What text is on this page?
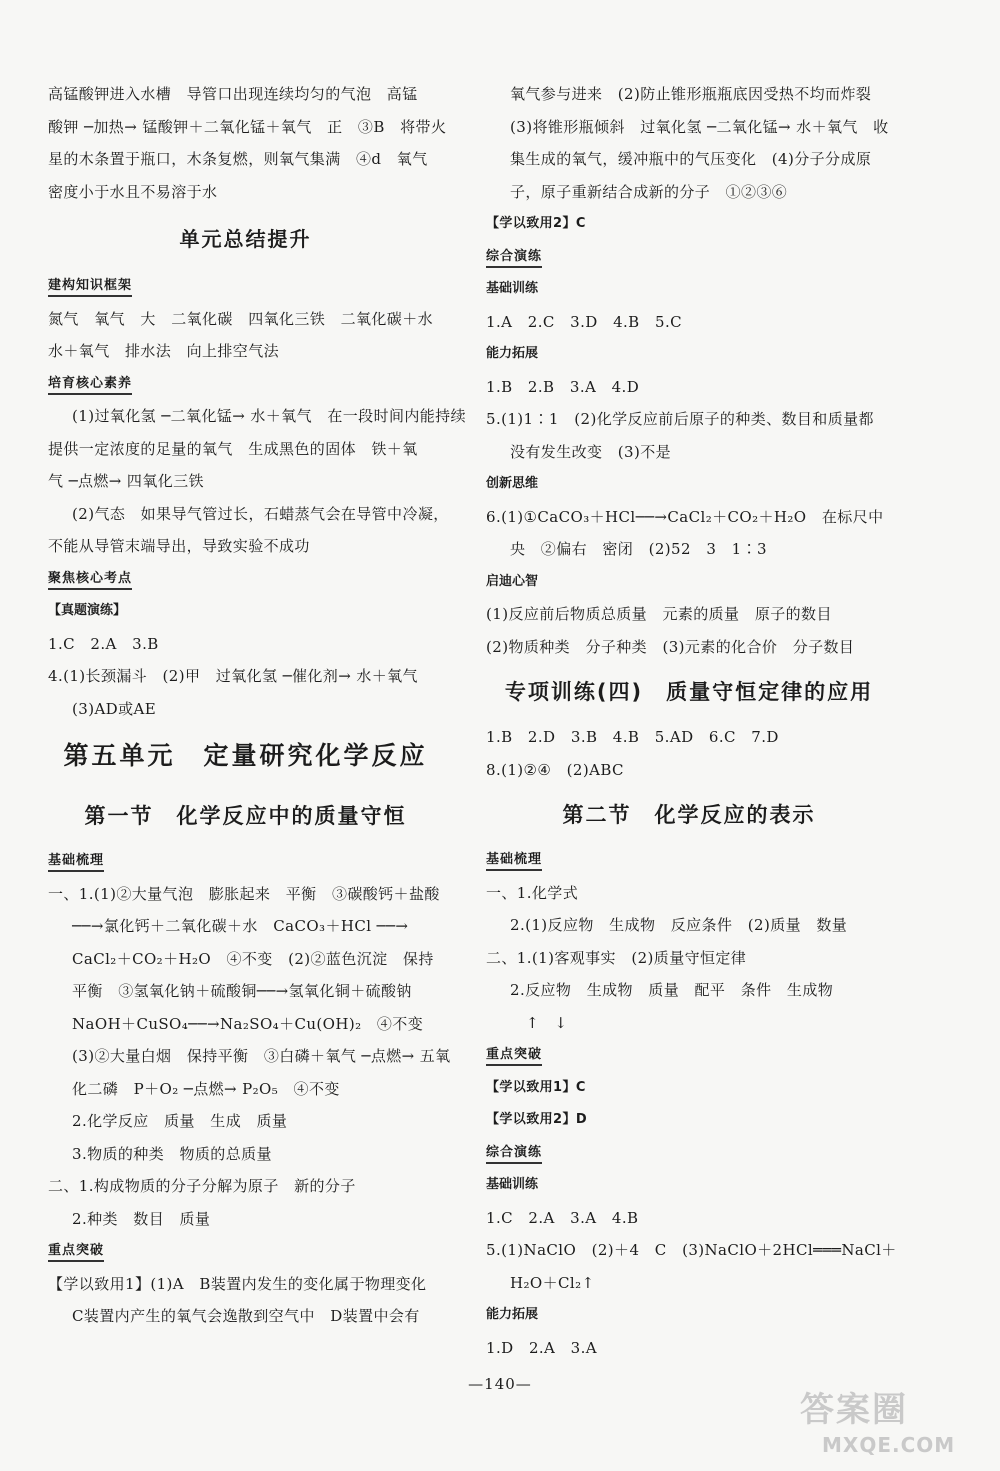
高锰酸钾进入水槽　导管口出现连续均匀的气泡　高锰
酸钾 ─加热→ 锰酸钾＋二氧化锰＋氧气　正　③B　将带火
星的木条置于瓶口，木条复燃，则氧气集满　④d　氧气
密度小于水且不易溶于水
单元总结提升
建构知识框架
氮气　氧气　大　二氧化碳　四氧化三铁　二氧化碳＋水
水＋氧气　排水法　向上排空气法
培育核心素养
(1)过氧化氢 ─二氧化锰→ 水＋氧气　在一段时间内能持续
提供一定浓度的足量的氧气　生成黑色的固体　铁＋氧
气 ─点燃→ 四氧化三铁
(2)气态　如果导气管过长，石蜡蒸气会在导管中冷凝，
不能从导管末端导出，导致实验不成功
聚焦核心考点
【真题演练】
1.C　2.A　3.B
4.(1)长颈漏斗　(2)甲　过氧化氢 ─催化剂→ 水＋氧气
(3)AD或AE
第五单元　定量研究化学反应
第一节　化学反应中的质量守恒
基础梳理
一、1.(1)②大量气泡　膨胀起来　平衡　③碳酸钙＋盐酸
──→氯化钙＋二氧化碳＋水　CaCO₃＋HCl ──→
CaCl₂＋CO₂＋H₂O　④不变　(2)②蓝色沉淀　保持
平衡　③氢氧化钠＋硫酸铜──→氢氧化铜＋硫酸钠
NaOH＋CuSO₄──→Na₂SO₄＋Cu(OH)₂　④不变
(3)②大量白烟　保持平衡　③白磷＋氧气 ─点燃→ 五氧
化二磷　P＋O₂ ─点燃→ P₂O₅　④不变
2.化学反应　质量　生成　质量
3.物质的种类　物质的总质量
二、1.构成物质的分子分解为原子　新的分子
2.种类　数目　质量
重点突破
【学以致用1】(1)A　B装置内发生的变化属于物理变化
C装置内产生的氧气会逸散到空气中　D装置中会有
氧气参与进来　(2)防止锥形瓶瓶底因受热不均而炸裂
(3)将锥形瓶倾斜　过氧化氢 ─二氧化锰→ 水＋氧气　收
集生成的氧气，缓冲瓶中的气压变化　(4)分子分成原
子，原子重新结合成新的分子　①②③⑥
【学以致用2】C
综合演练
基础训练
1.A　2.C　3.D　4.B　5.C
能力拓展
1.B　2.B　3.A　4.D
5.(1)1∶1　(2)化学反应前后原子的种类、数目和质量都
没有发生改变　(3)不是
创新思维
6.(1)①CaCO₃＋HCl──→CaCl₂＋CO₂＋H₂O　在标尺中
央　②偏右　密闭　(2)52　3　1∶3
启迪心智
(1)反应前后物质总质量　元素的质量　原子的数目
(2)物质种类　分子种类　(3)元素的化合价　分子数目
专项训练(四)　质量守恒定律的应用
1.B　2.D　3.B　4.B　5.AD　6.C　7.D
8.(1)②④　(2)ABC
第二节　化学反应的表示
基础梳理
一、1.化学式
2.(1)反应物　生成物　反应条件　(2)质量　数量
二、1.(1)客观事实　(2)质量守恒定律
2.反应物　生成物　质量　配平　条件　生成物
↑　↓
重点突破
【学以致用1】C
【学以致用2】D
综合演练
基础训练
1.C　2.A　3.A　4.B
5.(1)NaClO　(2)＋4　C　(3)NaClO＋2HCl═══NaCl＋
H₂O＋Cl₂↑
能力拓展
1.D　2.A　3.A
—140—
答案圈
MXQE.COM
